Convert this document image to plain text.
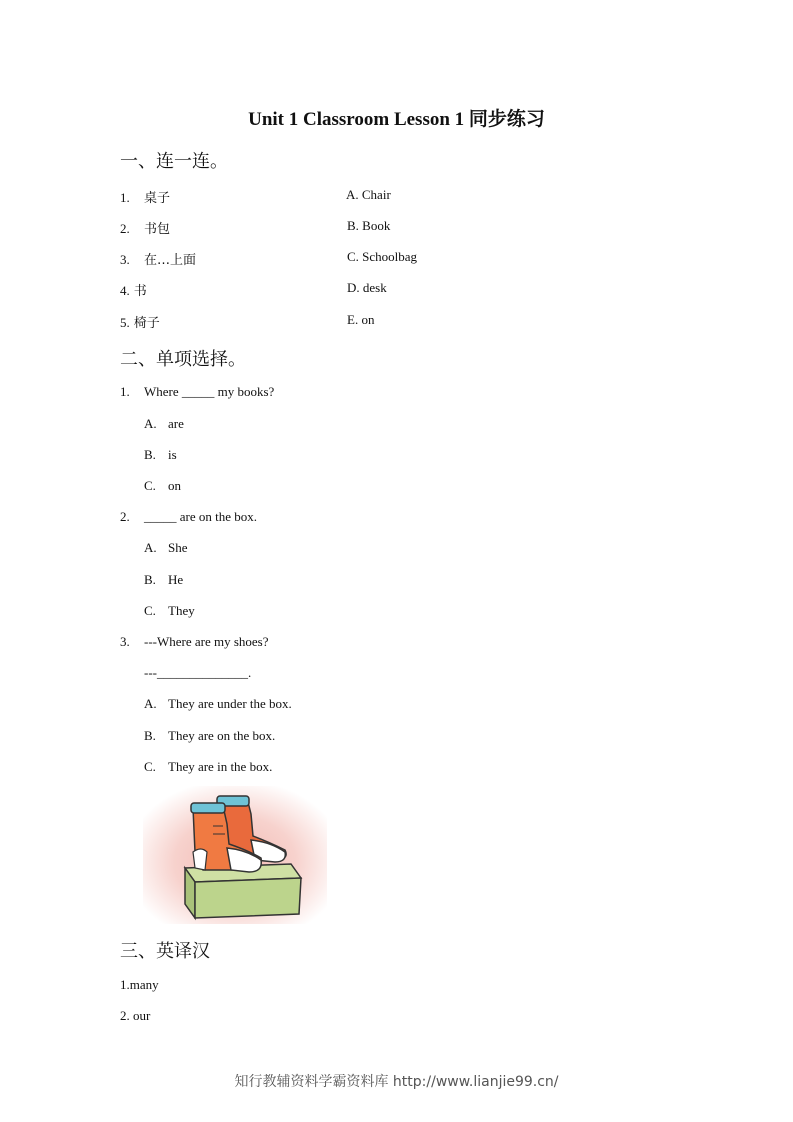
Unit 1 Classroom Lesson 1 同步练习
一、连一连。
1. 桌子
2. 书包
3. 在…上面
4. 书
5. 椅子
A. Chair
B. Book
C. Schoolbag
D. desk
E. on
二、单项选择。
1. Where _____ my books?
A. are
B. is
C. on
2. _____ are on the box.
A. She
B. He
C. They
3. ---Where are my shoes?
---______________.
A. They are under the box.
B. They are on the box.
C. They are in the box.
三、英译汉
1.many
2. our
知行教辅资料学霸资料库 http://www.lianjie99.cn/
